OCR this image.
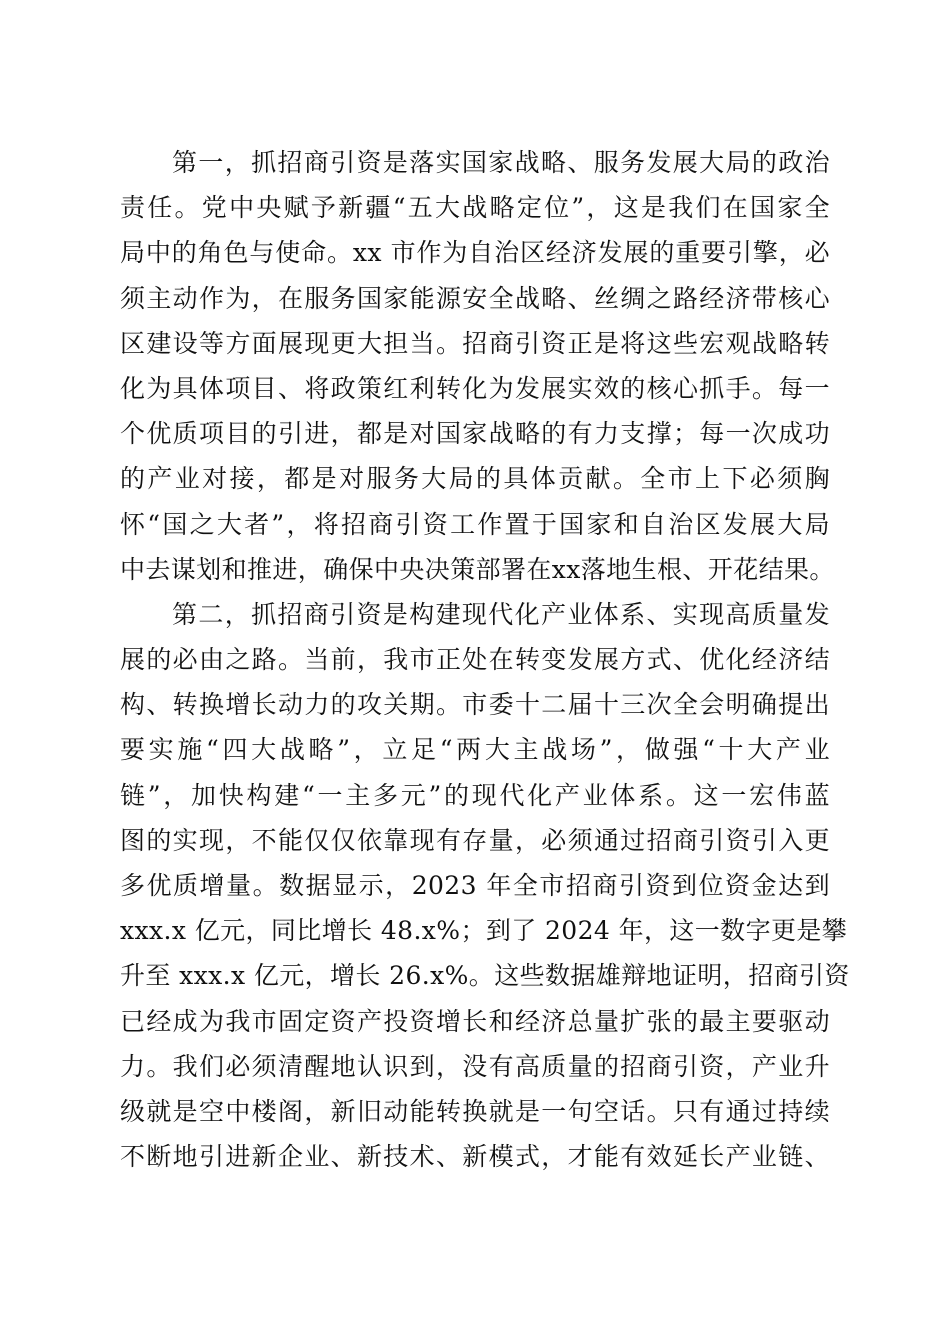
第一，抓招商引资是落实国家战略、服务发展大局的政治
责任。党中央赋予新疆“五大战略定位”，这是我们在国家全
局中的角色与使命。xx 市作为自治区经济发展的重要引擎，必
须主动作为，在服务国家能源安全战略、丝绸之路经济带核心
区建设等方面展现更大担当。招商引资正是将这些宏观战略转
化为具体项目、将政策红利转化为发展实效的核心抓手。每一
个优质项目的引进，都是对国家战略的有力支撑；每一次成功
的产业对接，都是对服务大局的具体贡献。全市上下必须胸
怀“国之大者”，将招商引资工作置于国家和自治区发展大局
中去谋划和推进，确保中央决策部署在xx落地生根、开花结果。
第二，抓招商引资是构建现代化产业体系、实现高质量发
展的必由之路。当前，我市正处在转变发展方式、优化经济结
构、转换增长动力的攻关期。市委十二届十三次全会明确提出
要实施“四大战略”，立足“两大主战场”，做强“十大产业
链”，加快构建“一主多元”的现代化产业体系。这一宏伟蓝
图的实现，不能仅仅依靠现有存量，必须通过招商引资引入更
多优质增量。数据显示，2023 年全市招商引资到位资金达到
xxx.x 亿元，同比增长 48.x%；到了 2024 年，这一数字更是攀
升至 xxx.x 亿元，增长 26.x%。这些数据雄辩地证明，招商引资
已经成为我市固定资产投资增长和经济总量扩张的最主要驱动
力。我们必须清醒地认识到，没有高质量的招商引资，产业升
级就是空中楼阁，新旧动能转换就是一句空话。只有通过持续
不断地引进新企业、新技术、新模式，才能有效延长产业链、
